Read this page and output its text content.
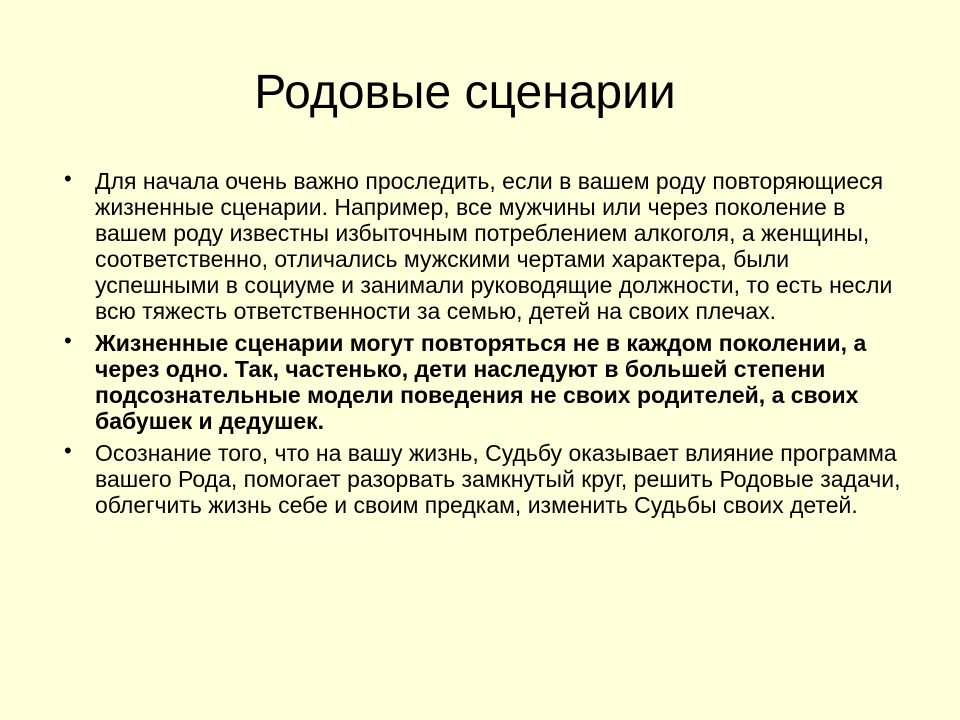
Родовые сценарии
• Для начала очень важно проследить, если в вашем роду повторяющиеся жизненные сценарии. Например, все мужчины или через поколение в вашем роду известны избыточным потреблением алкоголя, а женщины, соответственно, отличались мужскими чертами характера, были успешными в социуме и занимали руководящие должности, то есть несли всю тяжесть ответственности за семью, детей на своих плечах.
• Жизненные сценарии могут повторяться не в каждом поколении, а через одно. Так, частенько, дети наследуют в большей степени подсознательные модели поведения не своих родителей, а своих бабушек и дедушек.
• Осознание того, что на вашу жизнь, Судьбу оказывает влияние программа вашего Рода, помогает разорвать замкнутый круг, решить Родовые задачи, облегчить жизнь себе и своим предкам, изменить Судьбы своих детей.
